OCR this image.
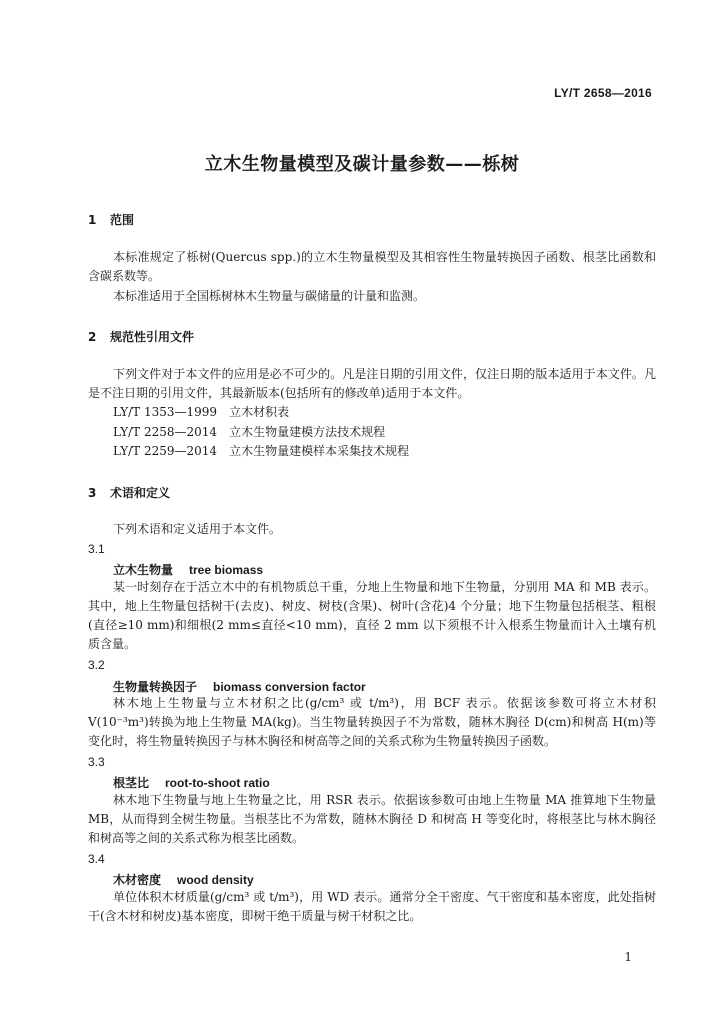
LY/T 2658—2016
立木生物量模型及碳计量参数——栎树
1 范围
本标准规定了栎树(Quercus spp.)的立木生物量模型及其相容性生物量转换因子函数、根茎比函数和含碳系数等。
本标准适用于全国栎树林木生物量与碳储量的计量和监测。
2 规范性引用文件
下列文件对于本文件的应用是必不可少的。凡是注日期的引用文件，仅注日期的版本适用于本文件。凡是不注日期的引用文件，其最新版本(包括所有的修改单)适用于本文件。
LY/T 1353—1999　立木材积表
LY/T 2258—2014　立木生物量建模方法技术规程
LY/T 2259—2014　立木生物量建模样本采集技术规程
3 术语和定义
下列术语和定义适用于本文件。
3.1
立木生物量 tree biomass
某一时刻存在于活立木中的有机物质总干重，分地上生物量和地下生物量，分别用 MA 和 MB 表示。其中，地上生物量包括树干(去皮)、树皮、树枝(含果)、树叶(含花)4 个分量；地下生物量包括根茎、粗根(直径≥10 mm)和细根(2 mm≤直径<10 mm)，直径 2 mm 以下须根不计入根系生物量而计入土壤有机质含量。
3.2
生物量转换因子 biomass conversion factor
林木地上生物量与立木材积之比(g/cm³ 或 t/m³)，用 BCF 表示。依据该参数可将立木材积 V(10⁻³m³)转换为地上生物量 MA(kg)。当生物量转换因子不为常数，随林木胸径 D(cm)和树高 H(m)等变化时，将生物量转换因子与林木胸径和树高等之间的关系式称为生物量转换因子函数。
3.3
根茎比 root-to-shoot ratio
林木地下生物量与地上生物量之比，用 RSR 表示。依据该参数可由地上生物量 MA 推算地下生物量 MB，从而得到全树生物量。当根茎比不为常数，随林木胸径 D 和树高 H 等变化时，将根茎比与林木胸径和树高等之间的关系式称为根茎比函数。
3.4
木材密度 wood density
单位体积木材质量(g/cm³ 或 t/m³)，用 WD 表示。通常分全干密度、气干密度和基本密度，此处指树干(含木材和树皮)基本密度，即树干绝干质量与树干材积之比。
1
